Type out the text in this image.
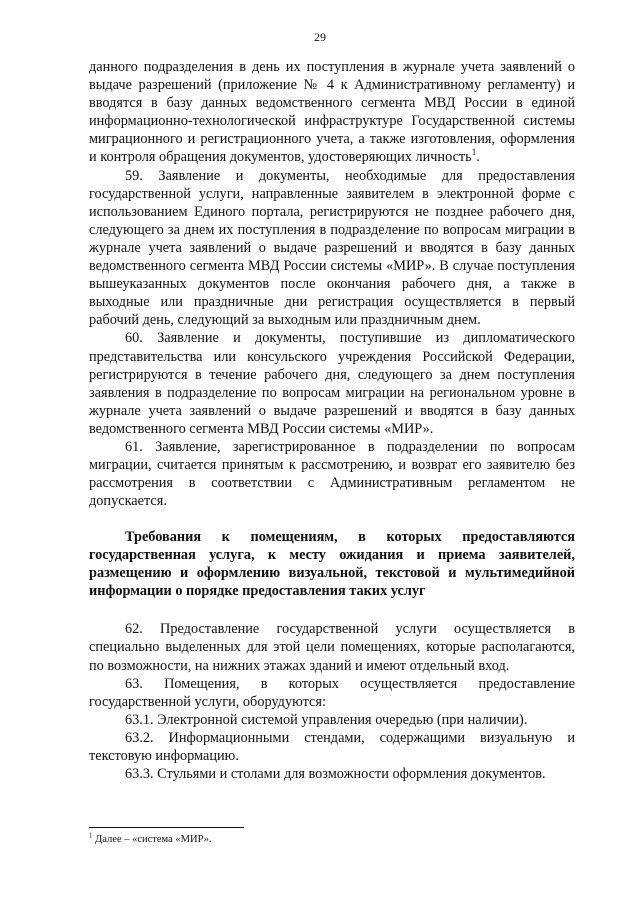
29

данного подразделения в день их поступления в журнале учета заявлений о выдаче разрешений (приложение № 4 к Административному регламенту) и вводятся в базу данных ведомственного сегмента МВД России в единой информационно-технологической инфраструктуре Государственной системы миграционного и регистрационного учета, а также изготовления, оформления и контроля обращения документов, удостоверяющих личность$^1$.

59. Заявление и документы, необходимые для предоставления государственной услуги, направленные заявителем в электронной форме с использованием Единого портала, регистрируются не позднее рабочего дня, следующего за днем их поступления в подразделение по вопросам миграции в журнале учета заявлений о выдаче разрешений и вводятся в базу данных ведомственного сегмента МВД России системы «МИР». В случае поступления вышеуказанных документов после окончания рабочего дня, а также в выходные или праздничные дни регистрация осуществляется в первый рабочий день, следующий за выходным или праздничным днем.

60. Заявление и документы, поступившие из дипломатического представительства или консульского учреждения Российской Федерации, регистрируются в течение рабочего дня, следующего за днем поступления заявления в подразделение по вопросам миграции на региональном уровне в журнале учета заявлений о выдаче разрешений и вводятся в базу данных ведомственного сегмента МВД России системы «МИР».

61. Заявление, зарегистрированное в подразделении по вопросам миграции, считается принятым к рассмотрению, и возврат его заявителю без рассмотрения в соответствии с Административным регламентом не допускается.

Требования к помещениям, в которых предоставляются государственная услуга, к месту ожидания и приема заявителей, размещению и оформлению визуальной, текстовой и мультимедийной информации о порядке предоставления таких услуг

62. Предоставление государственной услуги осуществляется в специально выделенных для этой цели помещениях, которые располагаются, по возможности, на нижних этажах зданий и имеют отдельный вход.

63. Помещения, в которых осуществляется предоставление государственной услуги, оборудуются:

63.1. Электронной системой управления очередью (при наличии).

63.2. Информационными стендами, содержащими визуальную и текстовую информацию.

63.3. Стульями и столами для возможности оформления документов.

$^1$ Далее – «система «МИР».
